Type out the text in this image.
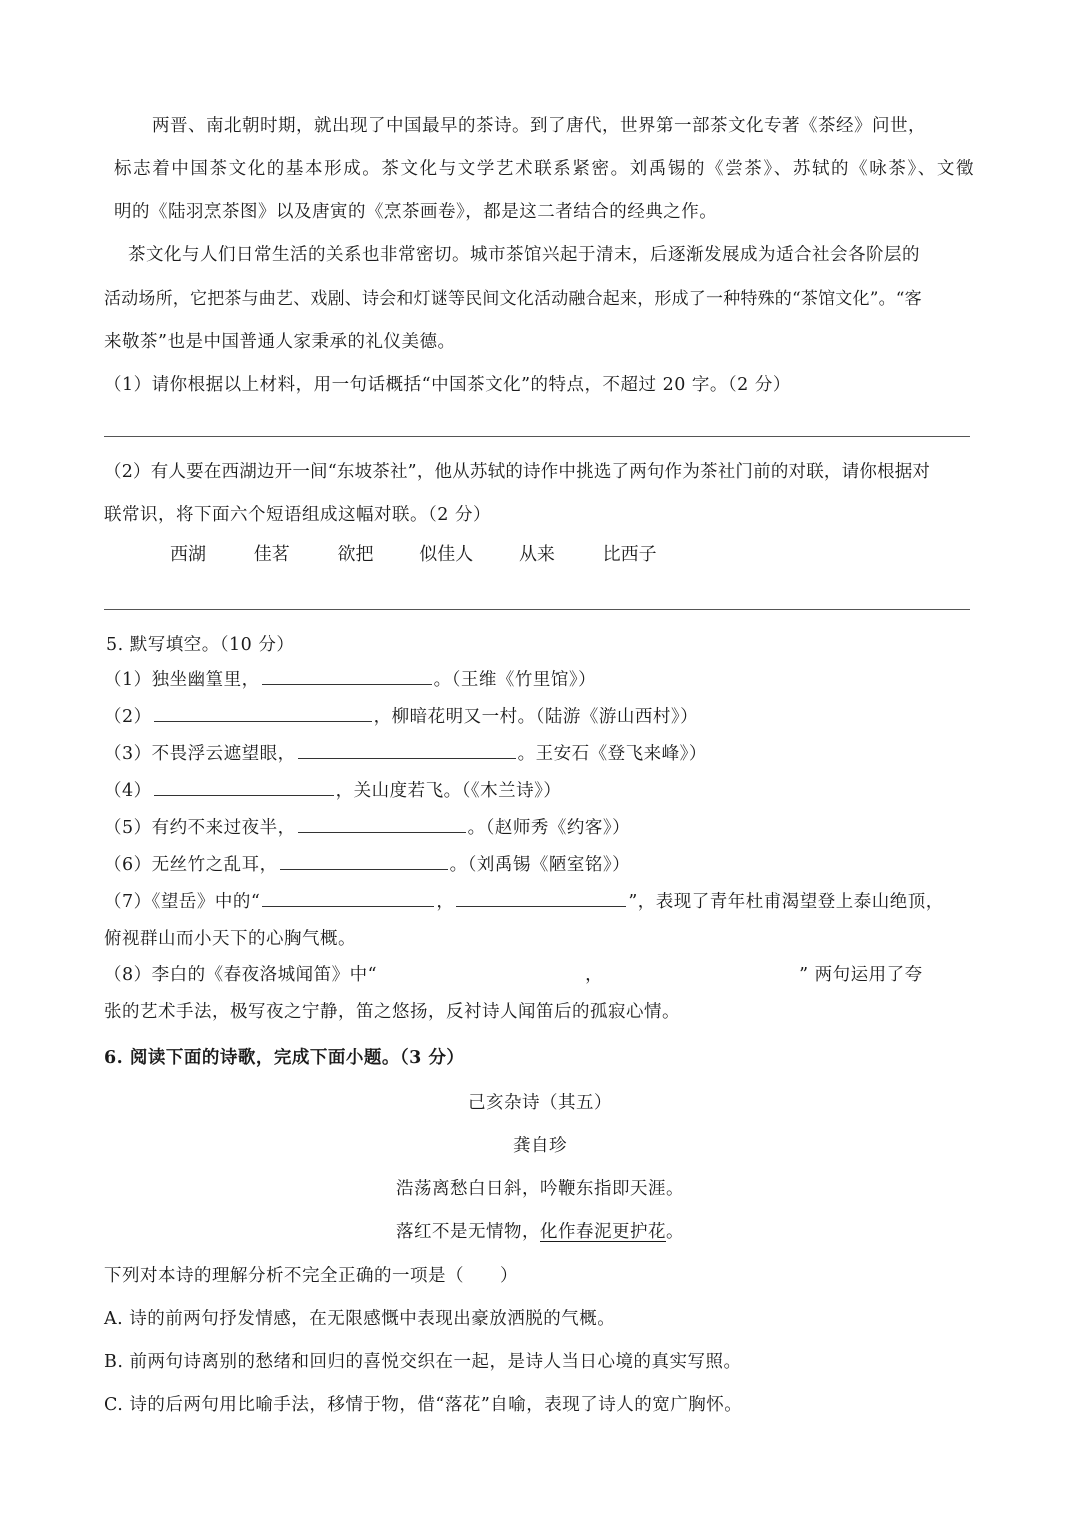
两晋、南北朝时期，就出现了中国最早的茶诗。到了唐代，世界第一部茶文化专著《茶经》问世，
标志着中国茶文化的基本形成。茶文化与文学艺术联系紧密。刘禹锡的《尝茶》、苏轼的《咏茶》、文徵
明的《陆羽烹茶图》以及唐寅的《烹茶画卷》，都是这二者结合的经典之作。
茶文化与人们日常生活的关系也非常密切。城市茶馆兴起于清末，后逐渐发展成为适合社会各阶层的
活动场所，它把茶与曲艺、戏剧、诗会和灯谜等民间文化活动融合起来，形成了一种特殊的“茶馆文化”。“客
来敬茶”也是中国普通人家秉承的礼仪美德。
（1）请你根据以上材料，用一句话概括“中国茶文化”的特点，不超过 20 字。（2 分）
（2）有人要在西湖边开一间“东坡茶社”，他从苏轼的诗作中挑选了两句作为茶社门前的对联，请你根据对
联常识，将下面六个短语组成这幅对联。（2 分）
西湖	佳茗	欲把	似佳人	从来	比西子
5. 默写填空。（10 分）
（1）独坐幽篁里，	。（王维《竹里馆》）
（2）	，柳暗花明又一村。（陆游《游山西村》）
（3）不畏浮云遮望眼，	。王安石《登飞来峰》）
（4）	，关山度若飞。（《木兰诗》）
（5）有约不来过夜半，	。（赵师秀《约客》）
（6）无丝竹之乱耳，	。（刘禹锡《陋室铭》）
（7）《望岳》中的“	，	”，表现了青年杜甫渴望登上泰山绝顶，
俯视群山而小天下的心胸气概。
（8）李白的《春夜洛城闻笛》中“	，	” 两句运用了夸
张的艺术手法，极写夜之宁静，笛之悠扬，反衬诗人闻笛后的孤寂心情。
6. 阅读下面的诗歌，完成下面小题。（3 分）
己亥杂诗（其五）
龚自珍
浩荡离愁白日斜，吟鞭东指即天涯。
落红不是无情物，化作春泥更护花。
下列对本诗的理解分析不完全正确的一项是（　　）
A. 诗的前两句抒发情感，在无限感慨中表现出豪放洒脱的气概。
B. 前两句诗离别的愁绪和回归的喜悦交织在一起，是诗人当日心境的真实写照。
C. 诗的后两句用比喻手法，移情于物，借“落花”自喻，表现了诗人的宽广胸怀。
